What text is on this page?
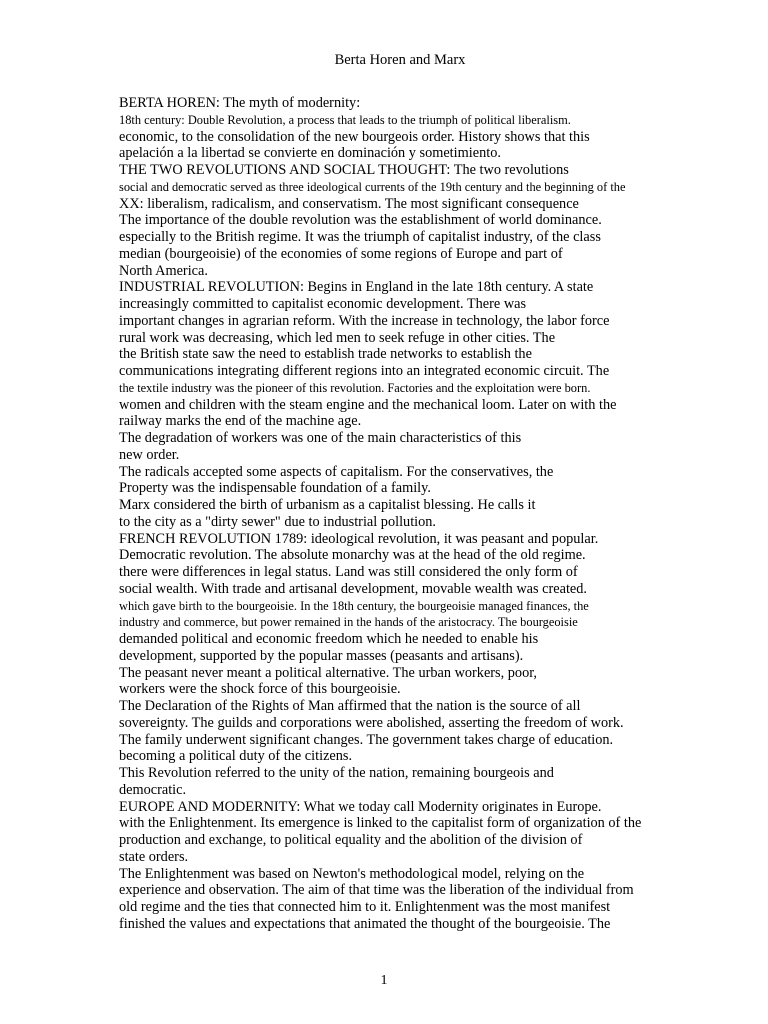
Berta Horen and Marx
BERTA HOREN: The myth of modernity:
18th century: Double Revolution, a process that leads to the triumph of political liberalism.
economic, to the consolidation of the new bourgeois order. History shows that this
apelación a la libertad se convierte en dominación y sometimiento.
THE TWO REVOLUTIONS AND SOCIAL THOUGHT: The two revolutions
social and democratic served as three ideological currents of the 19th century and the beginning of the
XX: liberalism, radicalism, and conservatism. The most significant consequence
The importance of the double revolution was the establishment of world dominance.
especially to the British regime. It was the triumph of capitalist industry, of the class
median (bourgeoisie) of the economies of some regions of Europe and part of
North America.
INDUSTRIAL REVOLUTION: Begins in England in the late 18th century. A state
increasingly committed to capitalist economic development. There was
important changes in agrarian reform. With the increase in technology, the labor force
rural work was decreasing, which led men to seek refuge in other cities. The
the British state saw the need to establish trade networks to establish the
communications integrating different regions into an integrated economic circuit. The
the textile industry was the pioneer of this revolution. Factories and the exploitation were born.
women and children with the steam engine and the mechanical loom. Later on with the
railway marks the end of the machine age.
The degradation of workers was one of the main characteristics of this
new order.
The radicals accepted some aspects of capitalism. For the conservatives, the
Property was the indispensable foundation of a family.
Marx considered the birth of urbanism as a capitalist blessing. He calls it
to the city as a "dirty sewer" due to industrial pollution.
FRENCH REVOLUTION 1789: ideological revolution, it was peasant and popular.
Democratic revolution. The absolute monarchy was at the head of the old regime.
there were differences in legal status. Land was still considered the only form of
social wealth. With trade and artisanal development, movable wealth was created.
which gave birth to the bourgeoisie. In the 18th century, the bourgeoisie managed finances, the
industry and commerce, but power remained in the hands of the aristocracy. The bourgeoisie
demanded political and economic freedom which he needed to enable his
development, supported by the popular masses (peasants and artisans).
The peasant never meant a political alternative. The urban workers, poor,
workers were the shock force of this bourgeoisie.
The Declaration of the Rights of Man affirmed that the nation is the source of all
sovereignty. The guilds and corporations were abolished, asserting the freedom of work.
The family underwent significant changes. The government takes charge of education.
becoming a political duty of the citizens.
This Revolution referred to the unity of the nation, remaining bourgeois and
democratic.
EUROPE AND MODERNITY: What we today call Modernity originates in Europe.
with the Enlightenment. Its emergence is linked to the capitalist form of organization of the
production and exchange, to political equality and the abolition of the division of
state orders.
The Enlightenment was based on Newton's methodological model, relying on the
experience and observation. The aim of that time was the liberation of the individual from
old regime and the ties that connected him to it. Enlightenment was the most manifest
finished the values and expectations that animated the thought of the bourgeoisie. The
1
